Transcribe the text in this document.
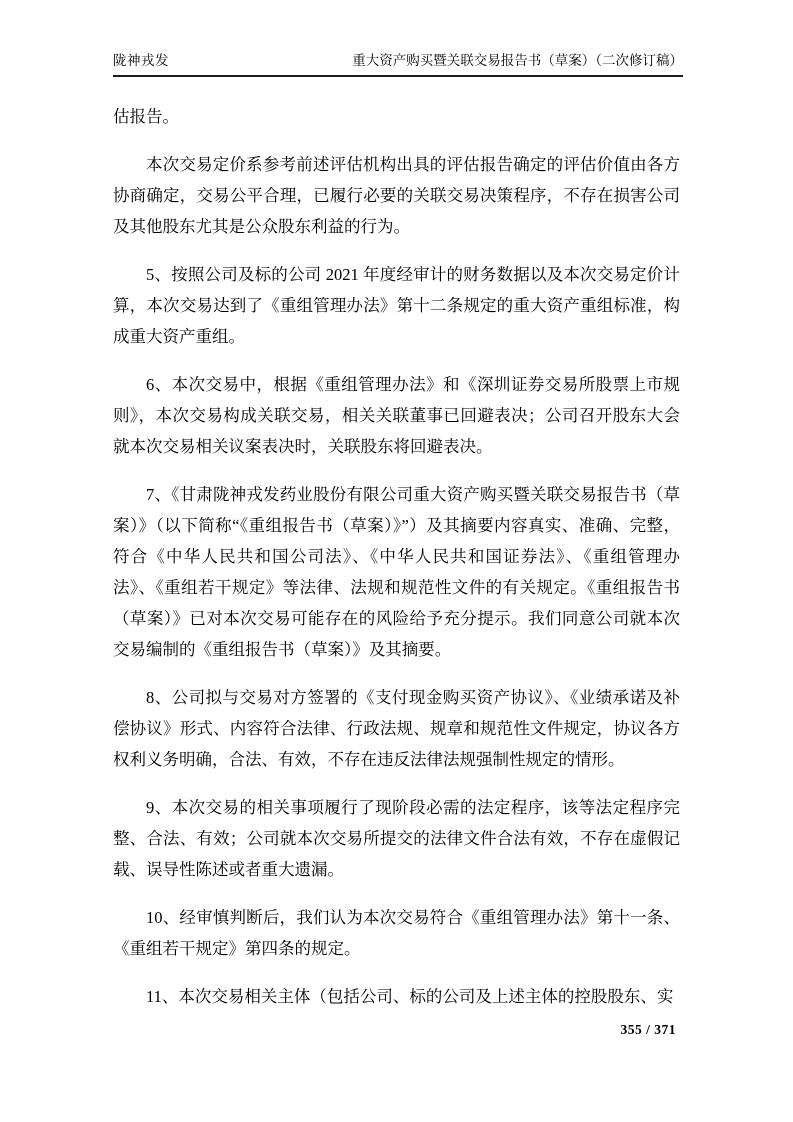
陇神戎发	重大资产购买暨关联交易报告书（草案）（二次修订稿）
估报告。
本次交易定价系参考前述评估机构出具的评估报告确定的评估价值由各方协商确定，交易公平合理，已履行必要的关联交易决策程序，不存在损害公司及其他股东尤其是公众股东利益的行为。
5、按照公司及标的公司 2021 年度经审计的财务数据以及本次交易定价计算，本次交易达到了《重组管理办法》第十二条规定的重大资产重组标准，构成重大资产重组。
6、本次交易中，根据《重组管理办法》和《深圳证券交易所股票上市规则》，本次交易构成关联交易，相关关联董事已回避表决；公司召开股东大会就本次交易相关议案表决时，关联股东将回避表决。
7、《甘肃陇神戎发药业股份有限公司重大资产购买暨关联交易报告书（草案）》（以下简称“《重组报告书（草案）》”）及其摘要内容真实、准确、完整，符合《中华人民共和国公司法》、《中华人民共和国证券法》、《重组管理办法》、《重组若干规定》等法律、法规和规范性文件的有关规定。《重组报告书（草案）》已对本次交易可能存在的风险给予充分提示。我们同意公司就本次交易编制的《重组报告书（草案）》及其摘要。
8、公司拟与交易对方签署的《支付现金购买资产协议》、《业绩承诺及补偿协议》形式、内容符合法律、行政法规、规章和规范性文件规定，协议各方权利义务明确，合法、有效，不存在违反法律法规强制性规定的情形。
9、本次交易的相关事项履行了现阶段必需的法定程序，该等法定程序完整、合法、有效；公司就本次交易所提交的法律文件合法有效，不存在虚假记载、误导性陈述或者重大遗漏。
10、经审慎判断后，我们认为本次交易符合《重组管理办法》第十一条、《重组若干规定》第四条的规定。
11、本次交易相关主体（包括公司、标的公司及上述主体的控股股东、实
355 / 371
